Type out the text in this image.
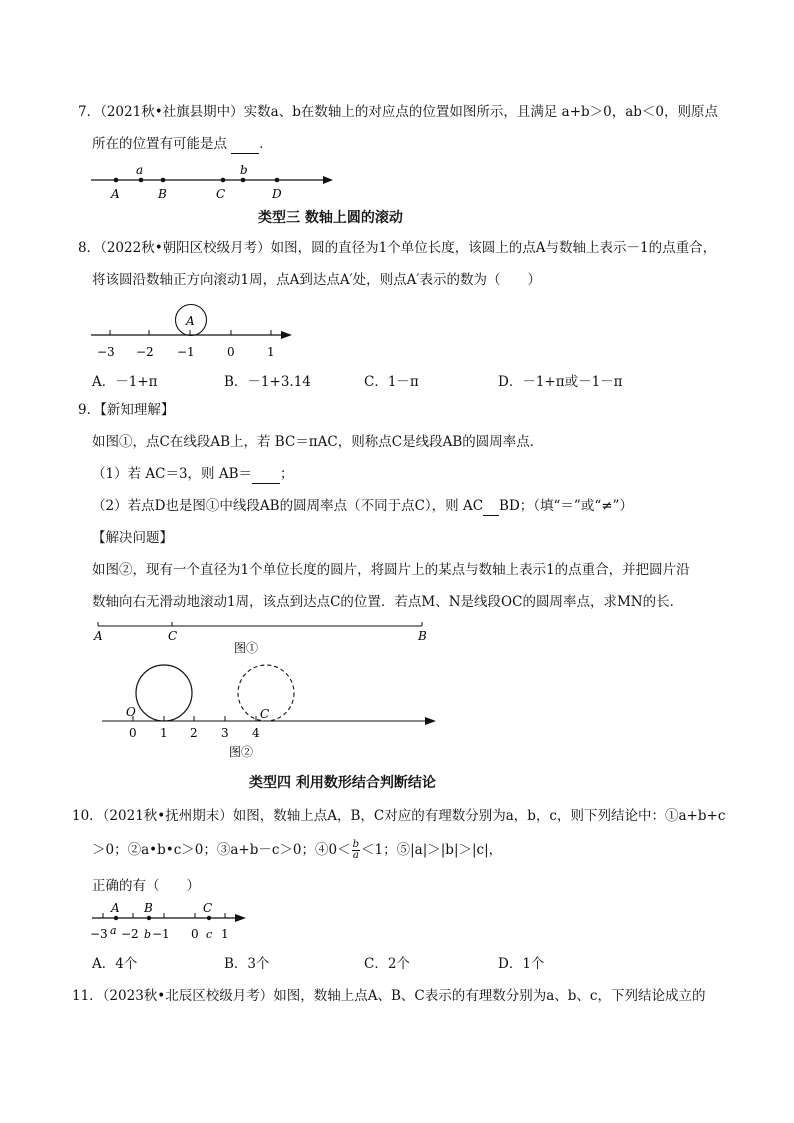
7．（2021秋•社旗县期中）实数a、b在数轴上的对应点的位置如图所示，且满足 a+b＞0，ab＜0，则原点
所在的位置有可能是点 ．
A	B	C	D
a	b
类型三 数轴上圆的滚动
8．（2022秋•朝阳区校级月考）如图，圆的直径为1个单位长度，该圆上的点A与数轴上表示－1的点重合，
将该圆沿数轴正方向滚动1周，点A到达点A′处，则点A′表示的数为（　　）
A
−3 −2 −1	0	1
A．－1+π	B．－1+3.14	C．1－π	D．－1+π或－1－π
9．【新知理解】
如图①，点C在线段AB上，若 BC＝πAC，则称点C是线段AB的圆周率点．
（1）若 AC＝3，则 AB＝ ；
（2）若点D也是图①中线段AB的圆周率点（不同于点C），则 AC BD；（填“＝”或“≠”）
【解决问题】
如图②，现有一个直径为1个单位长度的圆片，将圆片上的某点与数轴上表示1的点重合，并把圆片沿
数轴向右无滑动地滚动1周，该点到达点C的位置．若点M、N是线段OC的圆周率点，求MN的长．
A	C	B
图①
O	C
0 1 2 3 4
图②
类型四 利用数形结合判断结论
10．（2021秋•抚州期末）如图，数轴上点A，B，C对应的有理数分别为a，b，c，则下列结论中：①a+b+c
＞0；②a•b•c＞0；③a+b－c＞0；④0＜ $\frac{b}{a} <1$；⑤|a|＞|b|＞|c|，
正确的有（　　）
A B	C
−3 −2 −1 0 1
a b	c
A．4个	B．3个	C．2个	D．1个
11．（2023秋•北辰区校级月考）如图，数轴上点A、B、C表示的有理数分别为a、b、c，下列结论成立的
